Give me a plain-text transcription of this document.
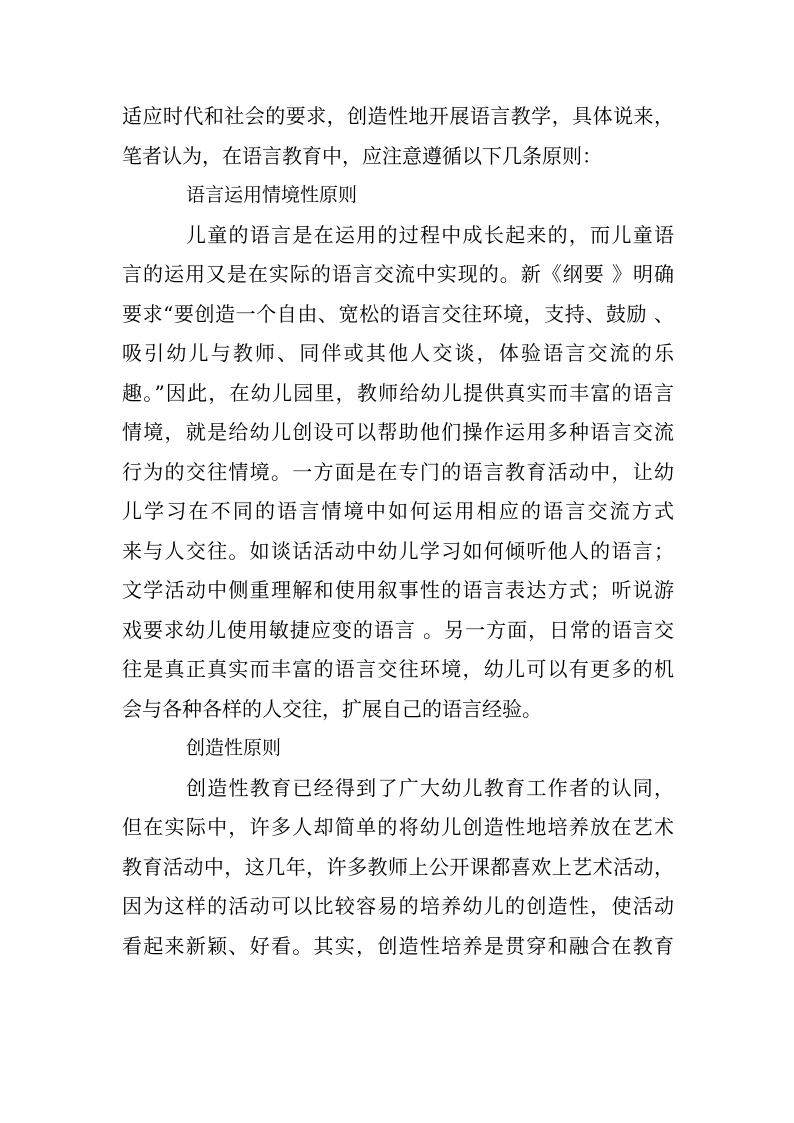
适应时代和社会的要求，创造性地开展语言教学，具体说来，
笔者认为，在语言教育中，应注意遵循以下几条原则：
语言运用情境性原则
儿童的语言是在运用的过程中成长起来的，而儿童语
言的运用又是在实际的语言交流中实现的。新《纲要 》明确
要求“要创造一个自由、宽松的语言交往环境，支持、鼓励 、
吸引幼儿与教师、同伴或其他人交谈，体验语言交流的乐
趣。”因此，在幼儿园里，教师给幼儿提供真实而丰富的语言
情境，就是给幼儿创设可以帮助他们操作运用多种语言交流
行为的交往情境。一方面是在专门的语言教育活动中，让幼
儿学习在不同的语言情境中如何运用相应的语言交流方式
来与人交往。如谈话活动中幼儿学习如何倾听他人的语言；
文学活动中侧重理解和使用叙事性的语言表达方式；听说游
戏要求幼儿使用敏捷应变的语言 。另一方面，日常的语言交
往是真正真实而丰富的语言交往环境，幼儿可以有更多的机
会与各种各样的人交往，扩展自己的语言经验。
创造性原则
创造性教育已经得到了广大幼儿教育工作者的认同，
但在实际中，许多人却简单的将幼儿创造性地培养放在艺术
教育活动中，这几年，许多教师上公开课都喜欢上艺术活动，
因为这样的活动可以比较容易的培养幼儿的创造性，使活动
看起来新颖、好看。其实，创造性培养是贯穿和融合在教育
